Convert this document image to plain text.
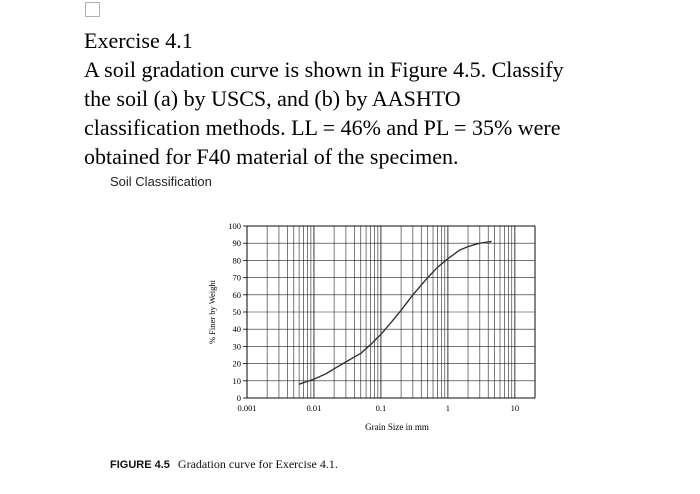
Exercise 4.1
A soil gradation curve is shown in Figure 4.5. Classify
the soil (a) by USCS, and (b) by AASHTO
classification methods. LL = 46% and PL = 35% were
obtained for F40 material of the specimen.
Soil Classification
0
10
20
30
40
50
60
70
80
90
100
0.001	0.01	0.1	1	10
Grain Size in mm
% Finer by Weight
FIGURE 4.5 Gradation curve for Exercise 4.1.
